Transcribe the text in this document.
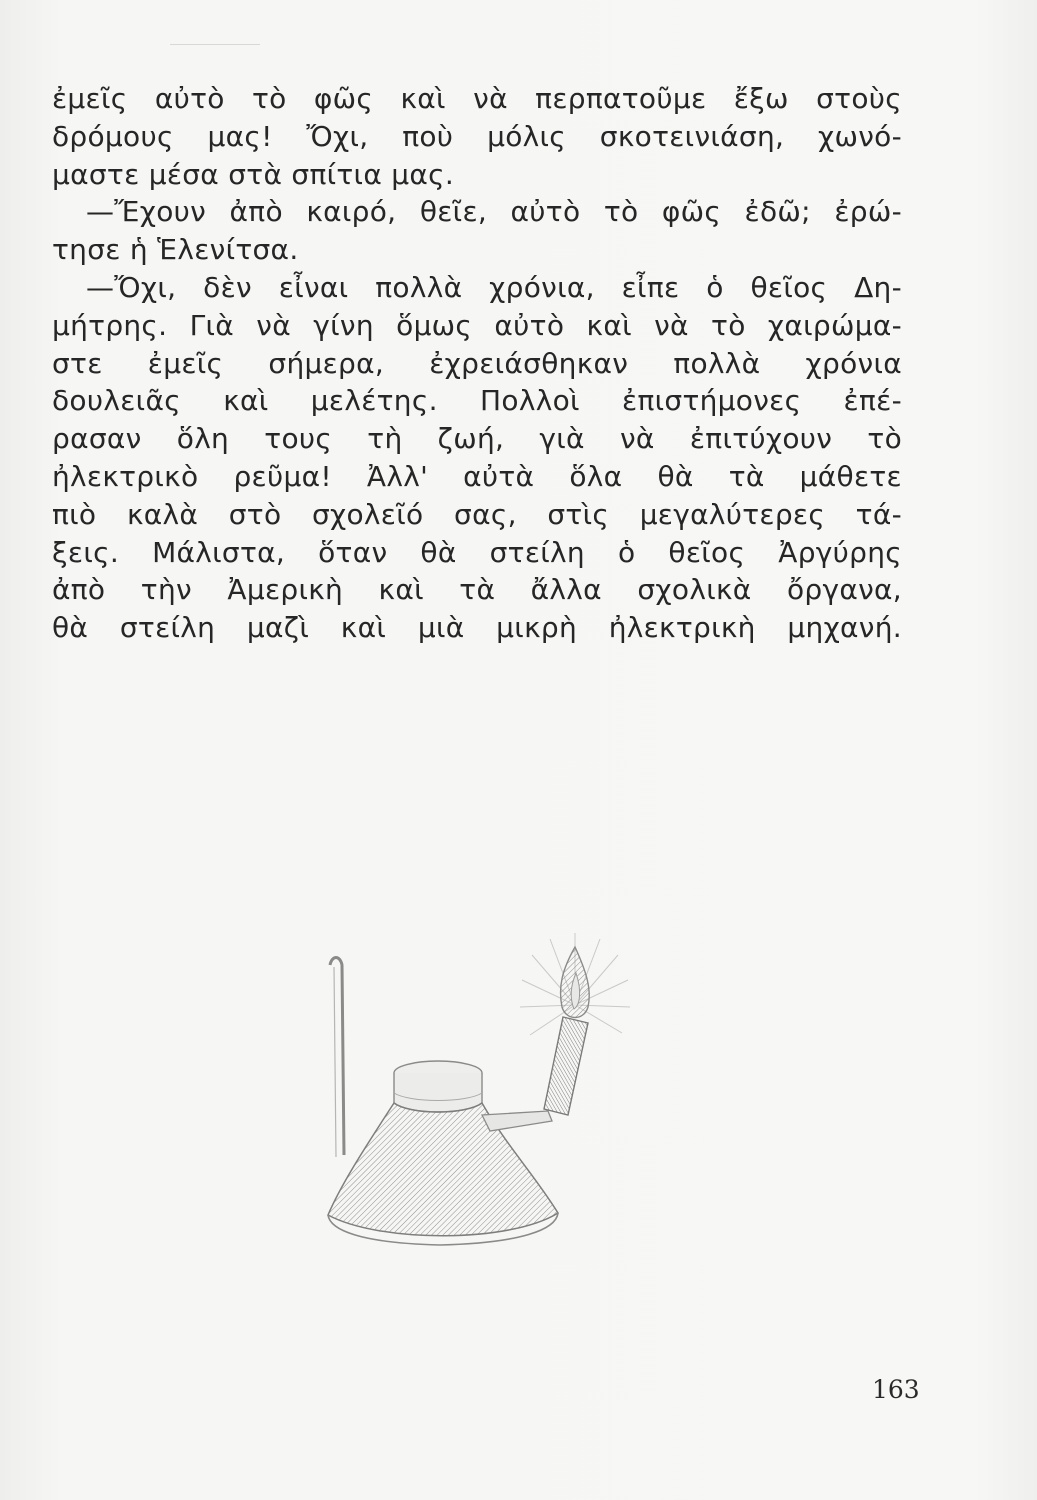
ἐμεῖς αὐτὸ τὸ φῶς καὶ νὰ περπατοῦμε ἔξω στοὺς
δρόμους μας! Ὄχι, ποὺ μόλις σκοτεινιάση, χωνό-
μαστε μέσα στὰ σπίτια μας.
—Ἔχουν ἀπὸ καιρό, θεῖε, αὐτὸ τὸ φῶς ἐδῶ; ἐρώ-
τησε ἡ Ἑλενίτσα.
—Ὄχι, δὲν εἶναι πολλὰ χρόνια, εἶπε ὁ θεῖος Δη-
μήτρης. Γιὰ νὰ γίνη ὅμως αὐτὸ καὶ νὰ τὸ χαιρώμα-
στε ἐμεῖς σήμερα, ἐχρειάσθηκαν πολλὰ χρόνια
δουλειᾶς καὶ μελέτης. Πολλοὶ ἐπιστήμονες ἐπέ-
ρασαν ὅλη τους τὴ ζωή, γιὰ νὰ ἐπιτύχουν τὸ
ἠλεκτρικὸ ρεῦμα! Ἀλλ' αὐτὰ ὅλα θὰ τὰ μάθετε
πιὸ καλὰ στὸ σχολεῖό σας, στὶς μεγαλύτερες τά-
ξεις. Μάλιστα, ὅταν θὰ στείλη ὁ θεῖος Ἀργύρης
ἀπὸ τὴν Ἀμερικὴ καὶ τὰ ἄλλα σχολικὰ ὄργανα,
θὰ στείλη μαζὶ καὶ μιὰ μικρὴ ἠλεκτρικὴ μηχανή.
163
